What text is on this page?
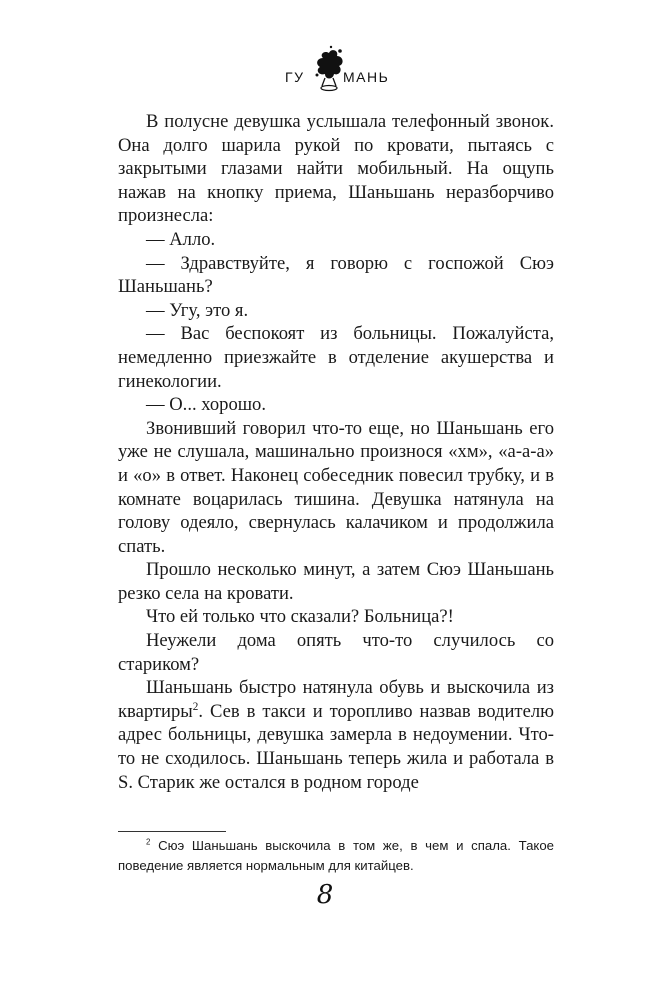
ГУ	МАНЬ

В полусне девушка услышала телефонный звонок. Она долго шарила рукой по кровати, пытаясь с закрытыми глазами найти мобильный. На ощупь нажав на кнопку приема, Шаньшань неразборчиво произнесла:

— Алло.

— Здравствуйте, я говорю с госпожой Сюэ Шаньшань?

— Угу, это я.

— Вас беспокоят из больницы. Пожалуйста, немедленно приезжайте в отделение акушерства и гинекологии.

— О... хорошо.

Звонивший говорил что-то еще, но Шаньшань его уже не слушала, машинально произнося «хм», «а-а-а» и «о» в ответ. Наконец собеседник повесил трубку, и в комнате воцарилась тишина. Девушка натянула на голову одеяло, свернулась калачиком и продолжила спать.

Прошло несколько минут, а затем Сюэ Шаньшань резко села на кровати.

Что ей только что сказали? Больница?!

Неужели дома опять что-то случилось со стариком?

Шаньшань быстро натянула обувь и выскочила из квартиры$^2$. Сев в такси и торопливо назвав водителю адрес больницы, девушка замерла в недоумении. Что-то не сходилось. Шаньшань теперь жила и работала в S. Старик же остался в родном городе

$^2$ Сюэ Шаньшань выскочила в том же, в чем и спала. Такое поведение является нормальным для китайцев.

8
